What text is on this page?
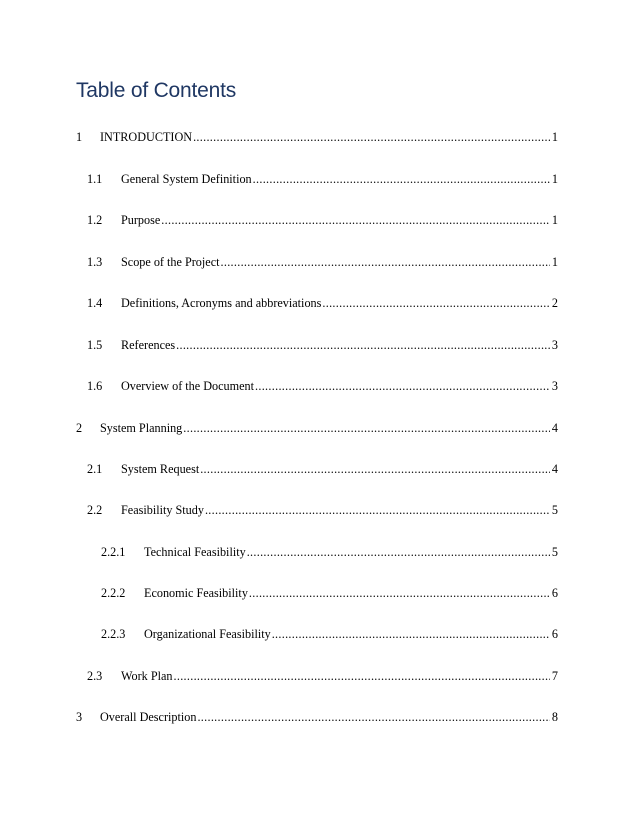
Table of Contents
1	INTRODUCTION .....	1
1.1	General System Definition .....	1
1.2	Purpose .....	1
1.3	Scope of the Project .....	1
1.4	Definitions, Acronyms and abbreviations .....	2
1.5	References .....	3
1.6	Overview of the Document .....	3
2	System Planning .....	4
2.1	System Request .....	4
2.2	Feasibility Study .....	5
2.2.1	Technical Feasibility .....	5
2.2.2	Economic Feasibility .....	6
2.2.3	Organizational Feasibility .....	6
2.3	Work Plan .....	7
3	Overall Description .....	8
